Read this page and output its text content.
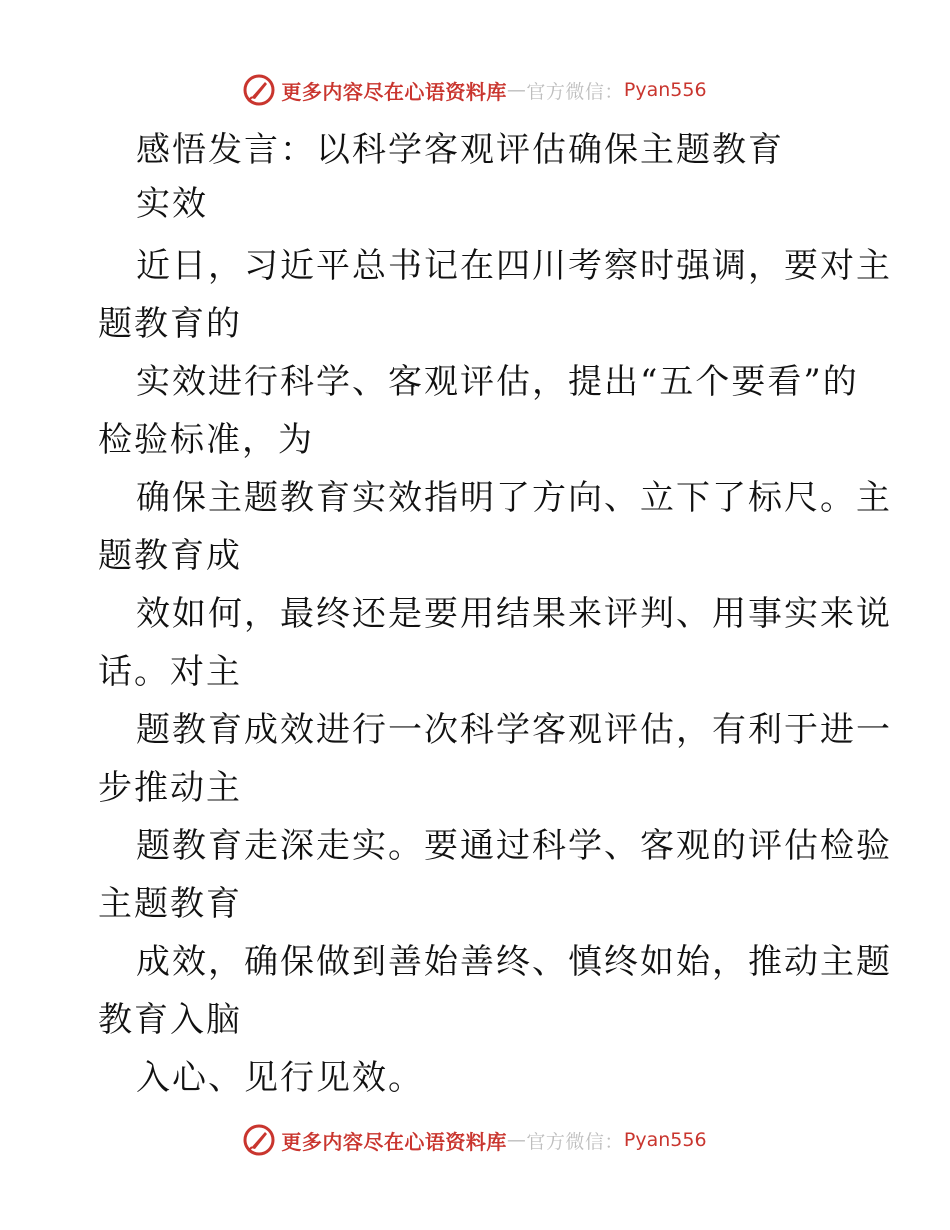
更多内容尽在心语资料库 — 官方微信： Pyan556
感悟发言：以科学客观评估确保主题教育
实效
近日，习近平总书记在四川考察时强调，要对主
题教育的
实效进行科学、客观评估，提出“五个要看”的
检验标准，为
确保主题教育实效指明了方向、立下了标尺。主
题教育成
效如何，最终还是要用结果来评判、用事实来说
话。对主
题教育成效进行一次科学客观评估，有利于进一
步推动主
题教育走深走实。要通过科学、客观的评估检验
主题教育
成效，确保做到善始善终、慎终如始，推动主题
教育入脑
入心、见行见效。
更多内容尽在心语资料库 — 官方微信： Pyan556
